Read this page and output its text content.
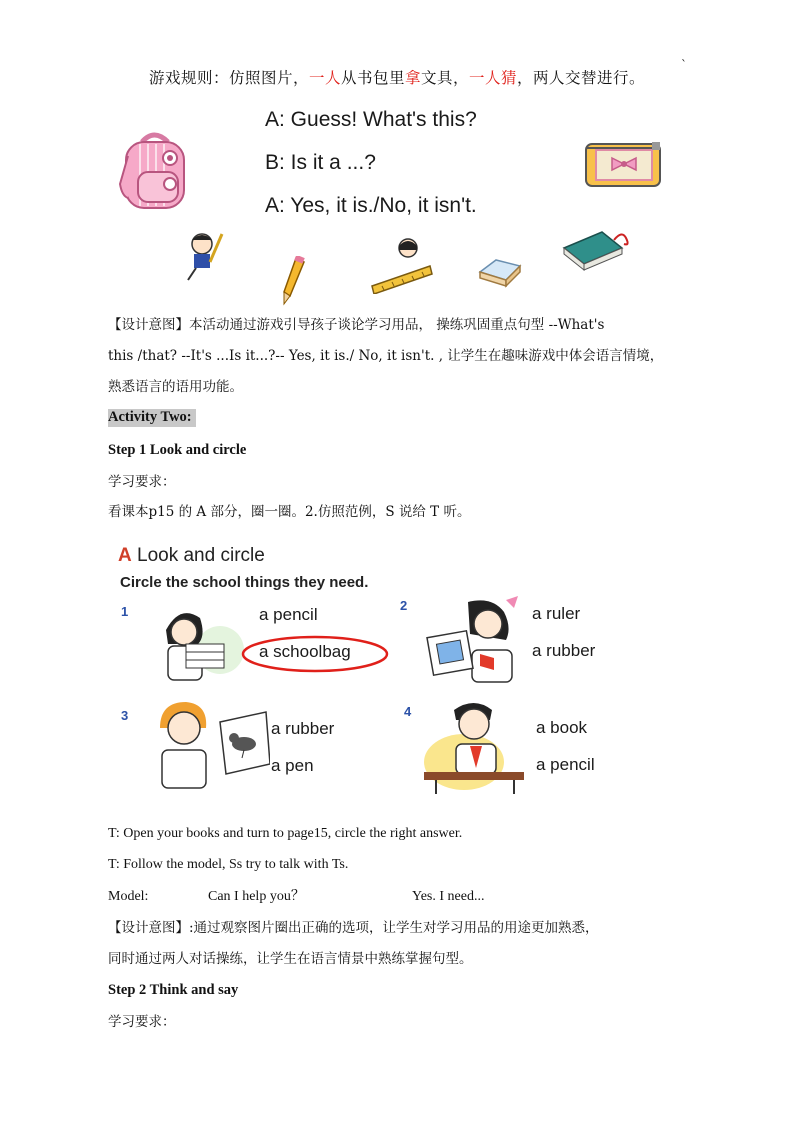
`
游戏规则：仿照图片，一人从书包里拿文具，一人猜，两人交替进行。
A: Guess! What's this?
B: Is it a ...?
A: Yes, it is./No, it isn't.
【设计意图】本活动通过游戏引导孩子谈论学习用品， 操练巩固重点句型 --What's
this /that? --It's ...Is it...?-- Yes, it is./ No, it isn't. , 让学生在趣味游戏中体会语言情境，
熟悉语言的语用功能。
Activity Two:
Step 1 Look and circle
学习要求：
看课本p15 的 A 部分，圈一圈。2.仿照范例，S 说给 T 听。
A Look and circle
Circle the school things they need.
1	a pencil
a schoolbag
2	a ruler
a rubber
3
a rubber
a pen
4
a book
a pencil
T: Open your books and turn to page15, circle the right answer.
T: Follow the model, Ss try to talk with Ts.
Model:	Can I help you？	Yes. I need...
【设计意图】:通过观察图片圈出正确的选项，让学生对学习用品的用途更加熟悉，
同时通过两人对话操练，让学生在语言情景中熟练掌握句型。
Step 2 Think and say
学习要求：
